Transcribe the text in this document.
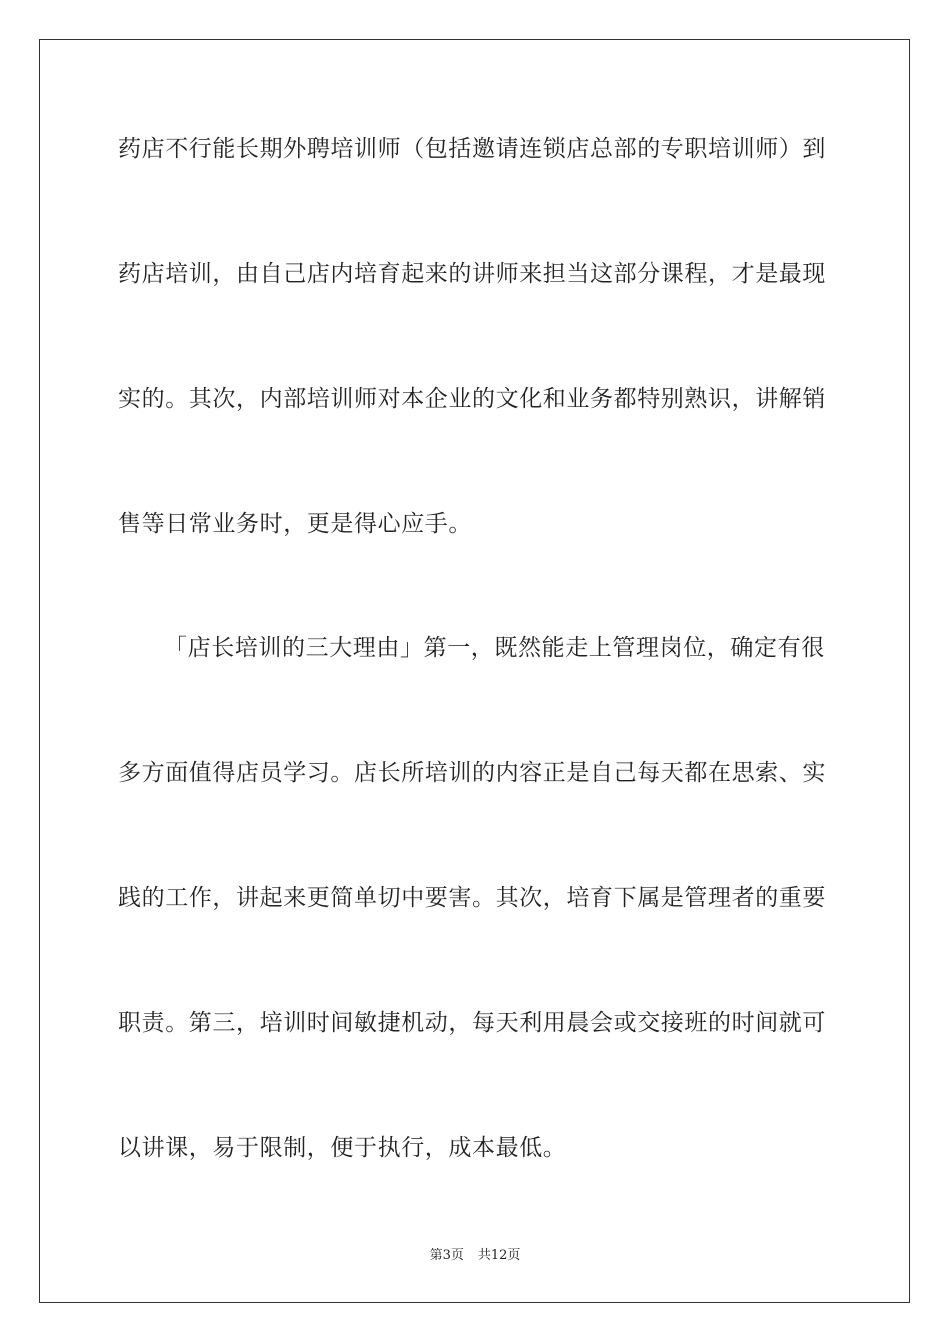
药店不行能长期外聘培训师（包括邀请连锁店总部的专职培训师）到
药店培训，由自己店内培育起来的讲师来担当这部分课程，才是最现
实的。其次，内部培训师对本企业的文化和业务都特别熟识，讲解销
售等日常业务时，更是得心应手。
「店长培训的三大理由」第一，既然能走上管理岗位，确定有很
多方面值得店员学习。店长所培训的内容正是自己每天都在思索、实
践的工作，讲起来更简单切中要害。其次，培育下属是管理者的重要
职责。第三，培训时间敏捷机动，每天利用晨会或交接班的时间就可
以讲课，易于限制，便于执行，成本最低。
第3页 共12页
